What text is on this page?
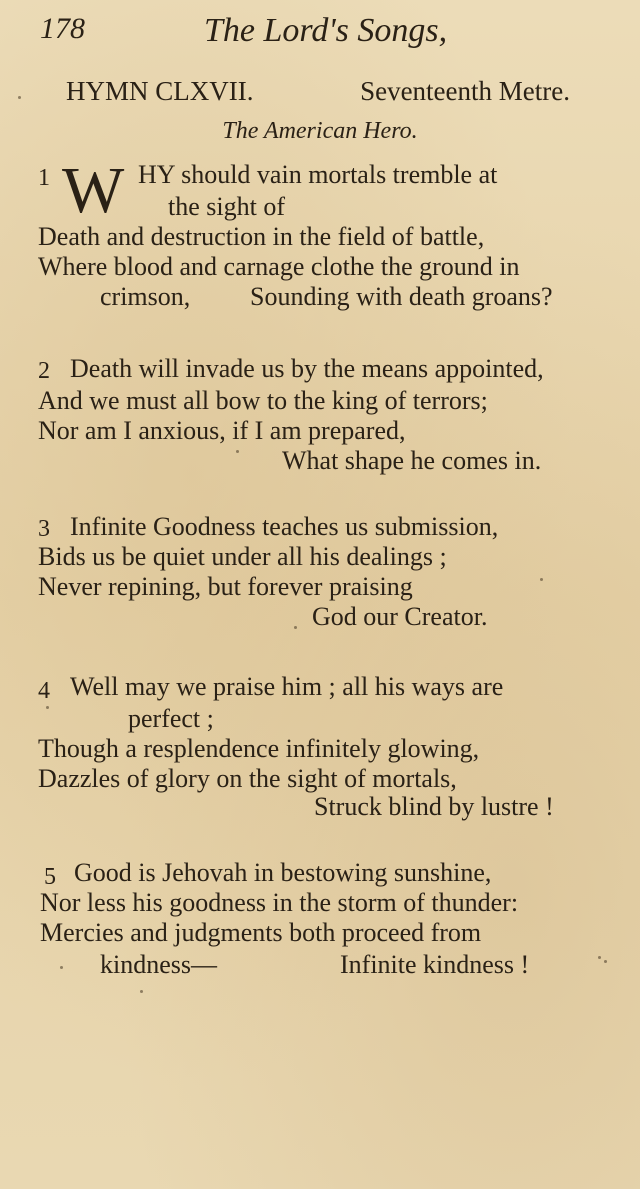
178	The Lord's Songs,
HYMN CLXVII.	Seventeenth Metre.
The American Hero.
1 W HY should vain mortals tremble at
the sight of
Death and destruction in the field of battle,
Where blood and carnage clothe the ground in
crimson, Sounding with death groans?
2 Death will invade us by the means appointed,
And we must all bow to the king of terrors;
Nor am I anxious, if I am prepared,
What shape he comes in.
3 Infinite Goodness teaches us submission,
Bids us be quiet under all his dealings ;
Never repining, but forever praising
God our Creator.
4 Well may we praise him ; all his ways are
perfect ;
Though a resplendence infinitely glowing,
Dazzles of glory on the sight of mortals,
Struck blind by lustre !
5 Good is Jehovah in bestowing sunshine,
Nor less his goodness in the storm of thunder:
Mercies and judgments both proceed from
kindness—	Infinite kindness !
